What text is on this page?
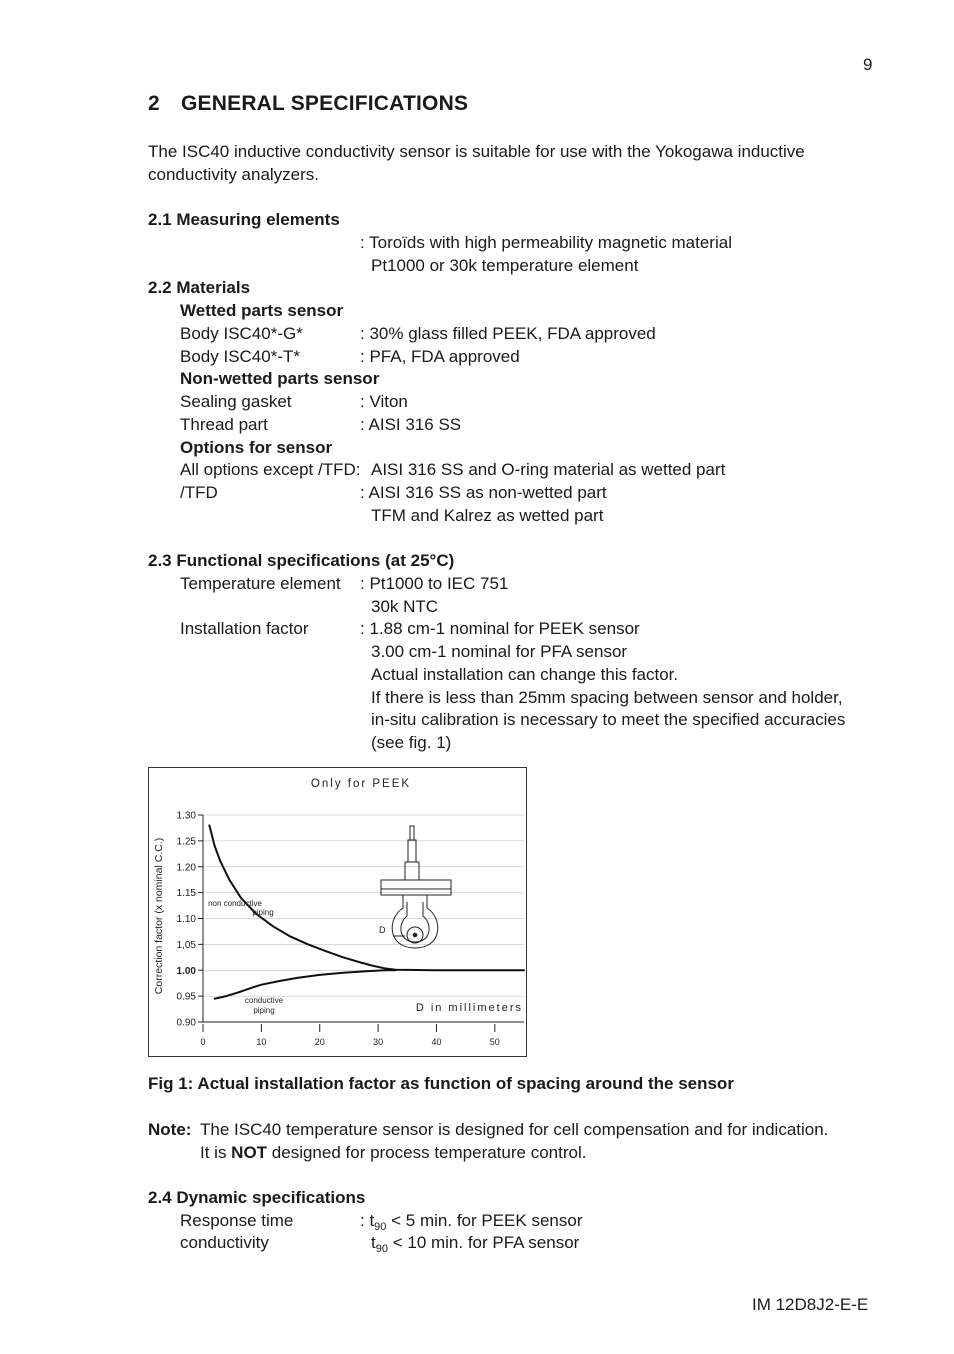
9
2 GENERAL SPECIFICATIONS
The ISC40 inductive conductivity sensor is suitable for use with the Yokogawa inductive
conductivity analyzers.
2.1 Measuring elements
: Toroïds with high permeability magnetic material
Pt1000 or 30k temperature element
2.2 Materials
Wetted parts sensor
Body ISC40*-G*	: 30% glass filled PEEK, FDA approved
Body ISC40*-T*	: PFA, FDA approved
Non-wetted parts sensor
Sealing gasket	: Viton
Thread part	: AISI 316 SS
Options for sensor
All options except /TFD: AISI 316 SS and O-ring material as wetted part
/TFD	: AISI 316 SS as non-wetted part
TFM and Kalrez as wetted part
2.3 Functional specifications (at 25°C)
Temperature element : Pt1000 to IEC 751
30k NTC
Installation factor	: 1.88 cm-1 nominal for PEEK sensor
3.00 cm-1 nominal for PFA sensor
Actual installation can change this factor.
If there is less than 25mm spacing between sensor and holder,
in-situ calibration is necessary to meet the specified accuracies
(see fig. 1)
Only for PEEK
Correction factor (x nominal C.C.)
D in millimeters
1.30
1.25
1.20
1.15
1.10
1,05
1.00
0.95
0.90
0	10	20	30	40	50
non conductive
piping
conductive
piping
D
Fig 1: Actual installation factor as function of spacing around the sensor
Note: The ISC40 temperature sensor is designed for cell compensation and for indication.
It is NOT designed for process temperature control.
2.4 Dynamic specifications
Response time	: $t_{90} < 5$ min. for PEEK sensor
conductivity	$t_{90} < 10$ min. for PFA sensor
IM 12D8J2-E-E
